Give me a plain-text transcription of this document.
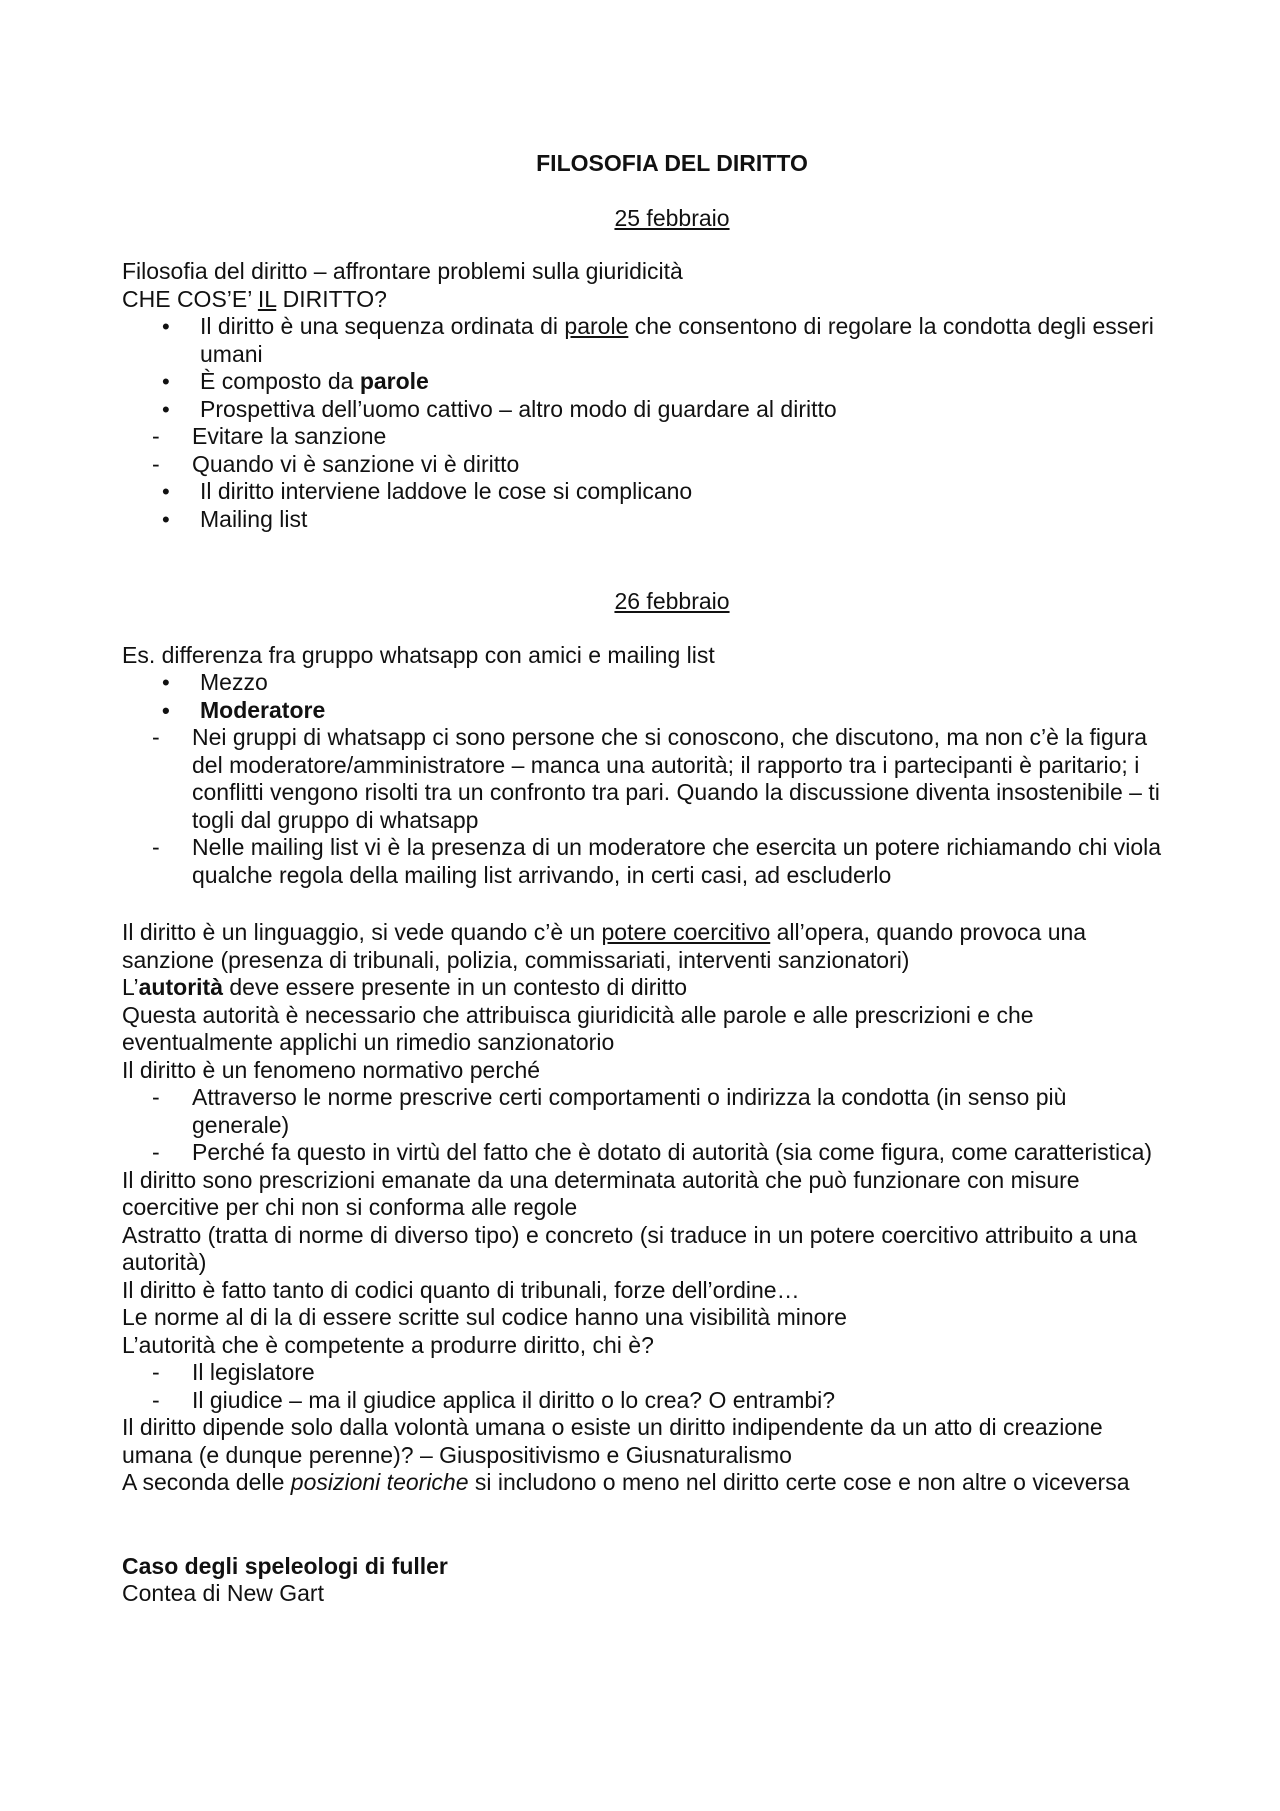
FILOSOFIA DEL DIRITTO
25 febbraio

Filosofia del diritto – affrontare problemi sulla giuridicità

CHE COS’E’ IL DIRITTO?

• Il diritto è una sequenza ordinata di parole che consentono di regolare la condotta degli esseri umani
• È composto da parole
• Prospettiva dell’uomo cattivo – altro modo di guardare al diritto
- Evitare la sanzione
- Quando vi è sanzione vi è diritto
• Il diritto interviene laddove le cose si complicano
• Mailing list
26 febbraio

Es. differenza fra gruppo whatsapp con amici e mailing list

• Mezzo
• Moderatore
- Nei gruppi di whatsapp ci sono persone che si conoscono, che discutono, ma non c’è la figura del moderatore/amministratore – manca una autorità; il rapporto tra i partecipanti è paritario; i conflitti vengono risolti tra un confronto tra pari. Quando la discussione diventa insostenibile – ti togli dal gruppo di whatsapp
- Nelle mailing list vi è la presenza di un moderatore che esercita un potere richiamando chi viola qualche regola della mailing list arrivando, in certi casi, ad escluderlo

Il diritto è un linguaggio, si vede quando c’è un potere coercitivo all’opera, quando provoca una sanzione (presenza di tribunali, polizia, commissariati, interventi sanzionatori)

L’autorità deve essere presente in un contesto di diritto

Questa autorità è necessario che attribuisca giuridicità alle parole e alle prescrizioni e che eventualmente applichi un rimedio sanzionatorio

Il diritto è un fenomeno normativo perché

- Attraverso le norme prescrive certi comportamenti o indirizza la condotta (in senso più generale)
- Perché fa questo in virtù del fatto che è dotato di autorità (sia come figura, come caratteristica)

Il diritto sono prescrizioni emanate da una determinata autorità che può funzionare con misure coercitive per chi non si conforma alle regole

Astratto (tratta di norme di diverso tipo) e concreto (si traduce in un potere coercitivo attribuito a una autorità)

Il diritto è fatto tanto di codici quanto di tribunali, forze dell’ordine…

Le norme al di la di essere scritte sul codice hanno una visibilità minore

L’autorità che è competente a produrre diritto, chi è?

- Il legislatore
- Il giudice – ma il giudice applica il diritto o lo crea? O entrambi?

Il diritto dipende solo dalla volontà umana o esiste un diritto indipendente da un atto di creazione umana (e dunque perenne)? – Giuspositivismo e Giusnaturalismo

A seconda delle posizioni teoriche si includono o meno nel diritto certe cose e non altre o viceversa

Caso degli speleologi di fuller

Contea di New Gart
